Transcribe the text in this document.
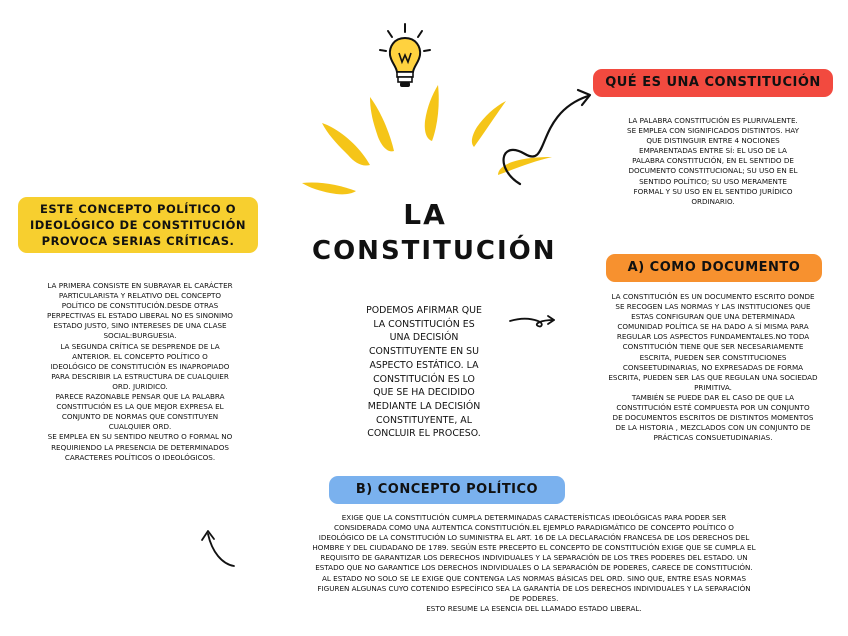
LA
CONSTITUCIÓN
QUÉ ES UNA CONSTITUCIÓN

LA PALABRA CONSTITUCIÓN ES PLURIVALENTE.
SE EMPLEA CON SIGNIFICADOS DISTINTOS. HAY
QUE DISTINGUIR ENTRE 4 NOCIONES
EMPARENTADAS ENTRE SÍ: EL USO DE LA
PALABRA CONSTITUCIÓN, EN EL SENTIDO DE
DOCUMENTO CONSTITUCIONAL; SU USO EN EL
SENTIDO POLÍTICO; SU USO MERAMENTE
FORMAL Y SU USO EN EL SENTIDO JURÍDICO
ORDINARIO.

ESTE CONCEPTO POLÍTICO O IDEOLÓGICO DE CONSTITUCIÓN PROVOCA SERIAS CRÍTICAS.

LA PRIMERA CONSISTE EN SUBRAYAR EL CARÁCTER
PARTICULARISTA Y RELATIVO DEL CONCEPTO
POLÍTICO DE CONSTITUCIÓN.DESDE OTRAS
PERPECTIVAS EL ESTADO LIBERAL NO ES SINONIMO
ESTADO JUSTO, SINO INTERESES DE UNA CLASE
SOCIAL:BURGUESIA.
LA SEGUNDA CRÍTICA SE DESPRENDE DE LA
ANTERIOR. EL CONCEPTO POLÍTICO O
IDEOLÓGICO DE CONSTITUCIÓN ES INAPROPIADO
PARA DESCRIBIR LA ESTRUCTURA DE CUALQUIER
ORD. JURIDICO.
PARECE RAZONABLE PENSAR QUE LA PALABRA
CONSTITUCIÓN ES LA QUE MEJOR EXPRESA EL
CONJUNTO DE NORMAS QUE CONSTITUYEN
CUALQUIER ORD.
SE EMPLEA EN SU SENTIDO NEUTRO O FORMAL NO
REQUIRIENDO LA PRESENCIA DE DETERMINADOS
CARACTERES POLÍTICOS O IDEOLÓGICOS.

PODEMOS AFIRMAR QUE
LA CONSTITUCIÓN ES
UNA DECISIÓN
CONSTITUYENTE EN SU
ASPECTO ESTÁTICO. LA
CONSTITUCIÓN ES LO
QUE SE HA DECIDIDO
MEDIANTE LA DECISIÓN
CONSTITUYENTE, AL
CONCLUIR EL PROCESO.

A) COMO DOCUMENTO

LA CONSTITUCIÓN ES UN DOCUMENTO ESCRITO DONDE
SE RECOGEN LAS NORMAS Y LAS INSTITUCIONES QUE
ESTAS CONFIGURAN QUE UNA DETERMINADA
COMUNIDAD POLÍTICA SE HA DADO A SÍ MISMA PARA
REGULAR LOS ASPECTOS FUNDAMENTALES.NO TODA
CONSTITUCIÓN TIENE QUE SER NECESARIAMENTE
ESCRITA, PUEDEN SER CONSTITUCIONES
CONSEETUDINARIAS, NO EXPRESADAS DE FORMA
ESCRITA, PUEDEN SER LAS QUE REGULAN UNA SOCIEDAD
PRIMITIVA.
TAMBIÉN SE PUEDE DAR EL CASO DE QUE LA
CONSTITUCIÓN ESTÉ COMPUESTA POR UN CONJUNTO
DE DOCUMENTOS ESCRITOS DE DISTINTOS MOMENTOS
DE LA HISTORIA , MEZCLADOS CON UN CONJUNTO DE
PRÁCTICAS CONSUETUDINARIAS.

B) CONCEPTO POLÍTICO

EXIGE QUE LA CONSTITUCIÓN CUMPLA DETERMINADAS CARACTERÍSTICAS IDEOLÓGICAS PARA PODER SER
CONSIDERADA COMO UNA AUTENTICA CONSTITUCIÓN.EL EJEMPLO PARADIGMÁTICO DE CONCEPTO POLÍTICO O
IDEOLÓGICO DE LA CONSTITUCIÓN LO SUMINISTRA EL ART. 16 DE LA DECLARACIÓN FRANCESA DE LOS DERECHOS DEL
HOMBRE Y DEL CIUDADANO DE 1789. SEGÚN ESTE PRECEPTO EL CONCEPTO DE CONSTITUCIÓN EXIGE QUE SE CUMPLA EL
REQUISITO DE GARANTIZAR LOS DERECHOS INDIVIDUALES Y LA SEPARACIÓN DE LOS TRES PODERES DEL ESTADO. UN
ESTADO QUE NO GARANTICE LOS DERECHOS INDIVIDUALES O LA SEPARACIÓN DE PODERES, CARECE DE CONSTITUCIÓN.
AL ESTADO NO SOLO SE LE EXIGE QUE CONTENGA LAS NORMAS BÁSICAS DEL ORD. SINO QUE, ENTRE ESAS NORMAS
FIGUREN ALGUNAS CUYO COTENIDO ESPECÍFICO SEA LA GARANTÍA DE LOS DERECHOS INDIVIDUALES Y LA SEPARACIÓN
DE PODERES.
ESTO RESUME LA ESENCIA DEL LLAMADO ESTADO LIBERAL.
